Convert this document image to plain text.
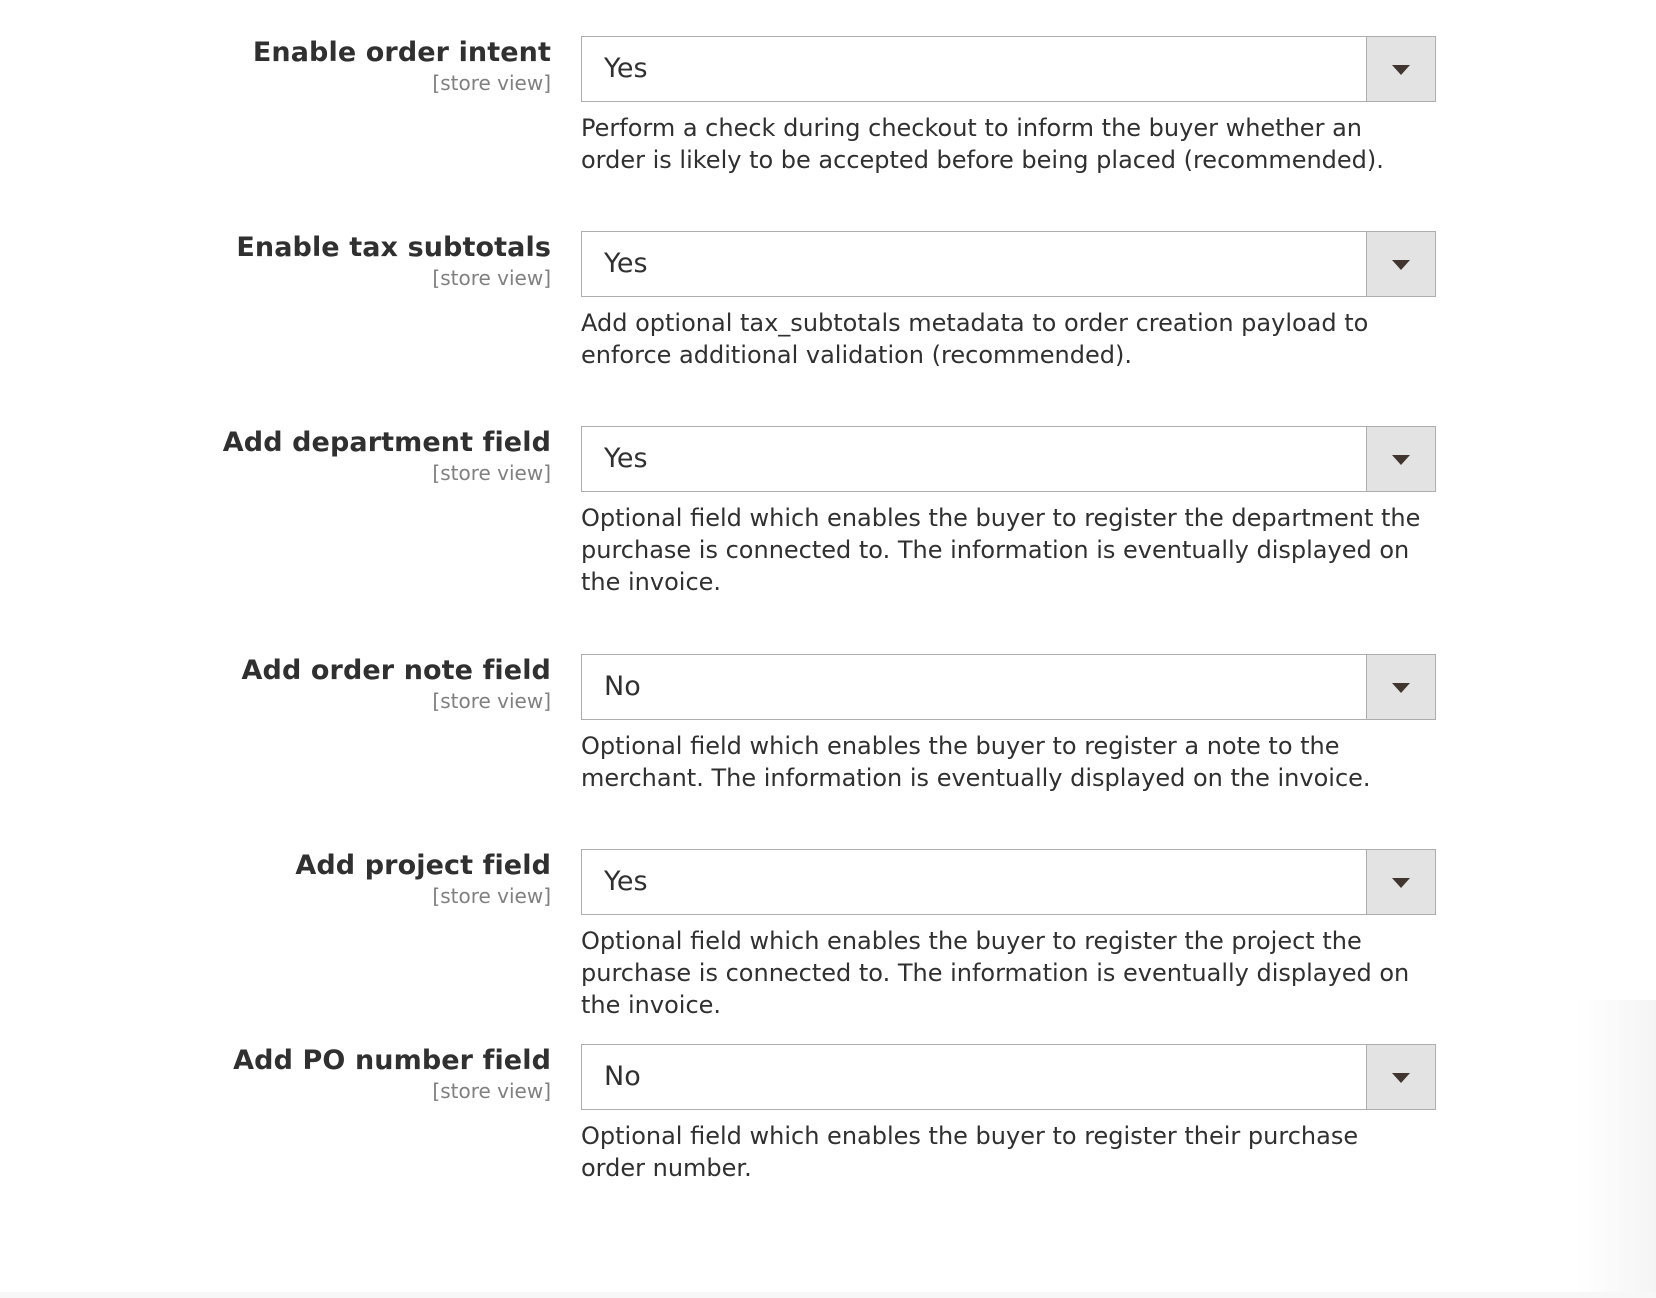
Enable order intent
[store view] Yes
Perform a check during checkout to inform the buyer whether an order is likely to be accepted before being placed (recommended).
Enable tax subtotals
[store view] Yes
Add optional tax_subtotals metadata to order creation payload to enforce additional validation (recommended).
Add department field
[store view] Yes
Optional field which enables the buyer to register the department the purchase is connected to. The information is eventually displayed on the invoice.
Add order note field
[store view] No
Optional field which enables the buyer to register a note to the merchant. The information is eventually displayed on the invoice.
Add project field
[store view] Yes
Optional field which enables the buyer to register the project the purchase is connected to. The information is eventually displayed on the invoice.
Add PO number field
[store view] No
Optional field which enables the buyer to register their purchase order number.
